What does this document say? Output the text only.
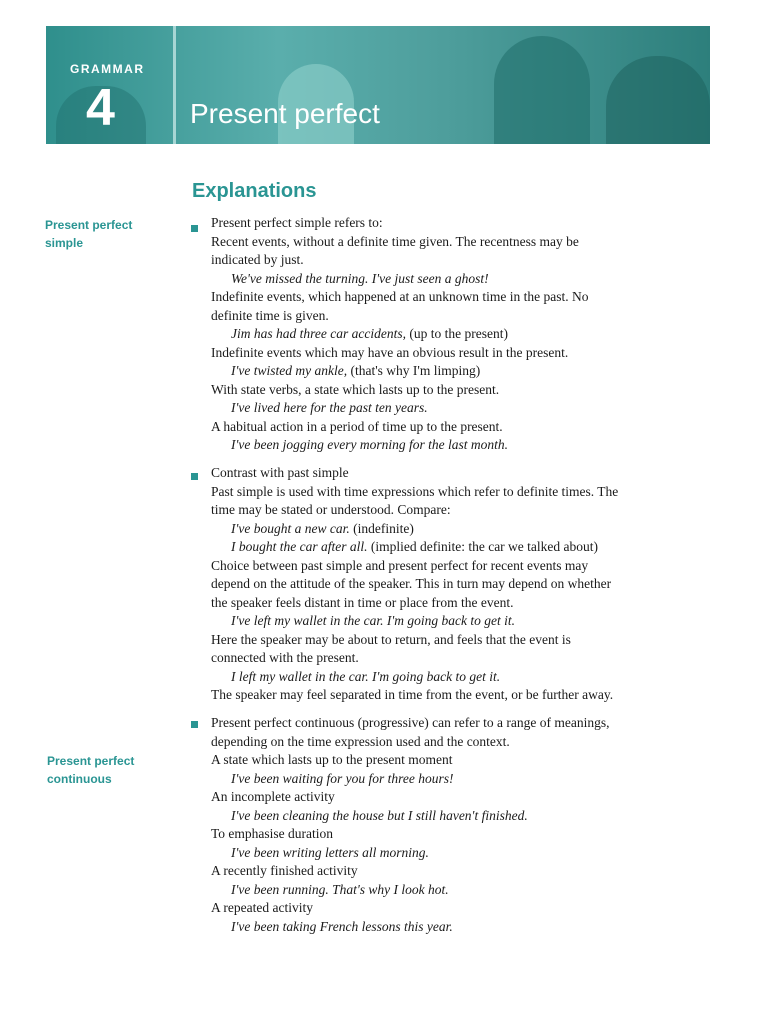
GRAMMAR
4	Present perfect
Explanations
Present perfect
simple
Present perfect
continuous
Present perfect simple refers to:
Recent events, without a definite time given. The recentness may be
indicated by just.
We've missed the turning. I've just seen a ghost!
Indefinite events, which happened at an unknown time in the past. No
definite time is given.
Jim has had three car accidents, (up to the present)
Indefinite events which may have an obvious result in the present.
I've twisted my ankle, (that's why I'm limping)
With state verbs, a state which lasts up to the present.
I've lived here for the past ten years.
A habitual action in a period of time up to the present.
I've been jogging every morning for the last month.
Contrast with past simple
Past simple is used with time expressions which refer to definite times. The
time may be stated or understood. Compare:
I've bought a new car. (indefinite)
I bought the car after all. (implied definite: the car we talked about)
Choice between past simple and present perfect for recent events may
depend on the attitude of the speaker. This in turn may depend on whether
the speaker feels distant in time or place from the event.
I've left my wallet in the car. I'm going back to get it.
Here the speaker may be about to return, and feels that the event is
connected with the present.
I left my wallet in the car. I'm going back to get it.
The speaker may feel separated in time from the event, or be further away.
Present perfect continuous (progressive) can refer to a range of meanings,
depending on the time expression used and the context.
A state which lasts up to the present moment
I've been waiting for you for three hours!
An incomplete activity
I've been cleaning the house but I still haven't finished.
To emphasise duration
I've been writing letters all morning.
A recently finished activity
I've been running. That's why I look hot.
A repeated activity
I've been taking French lessons this year.
